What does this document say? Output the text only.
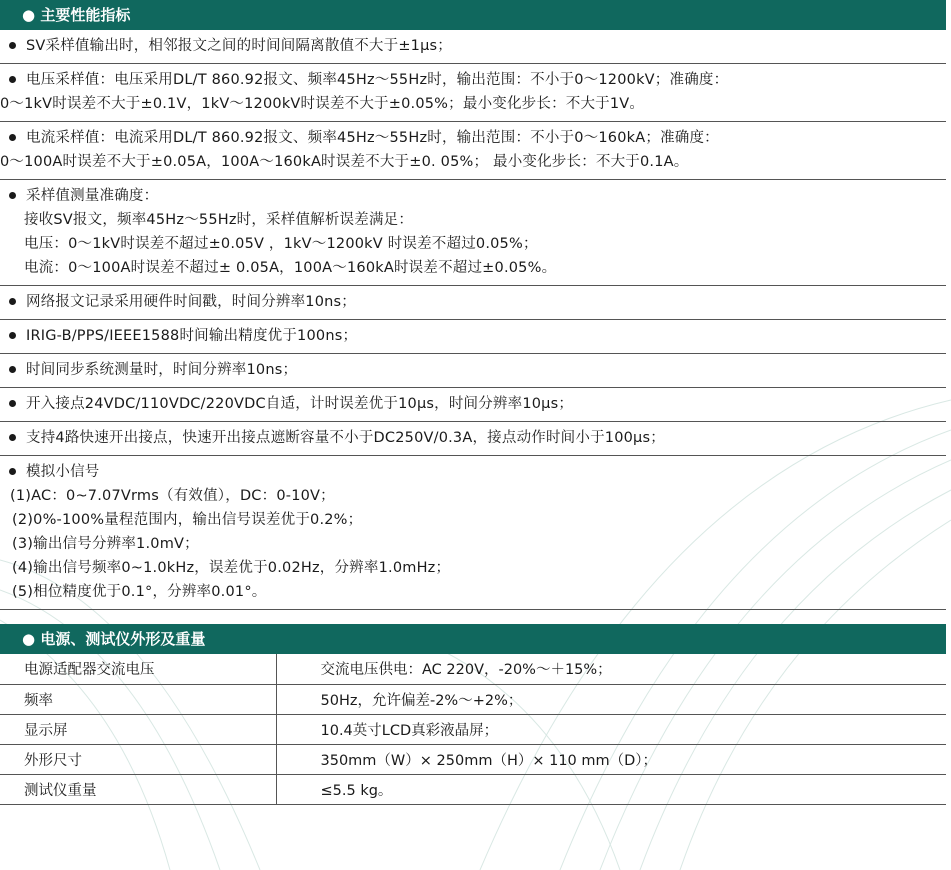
● 主要性能指标
SV采样值输出时，相邻报文之间的时间间隔离散值不大于±1μs；
电压采样值：电压采用DL/T 860.92报文、频率45Hz～55Hz时，输出范围：不小于0～1200kV；准确度：
0～1kV时误差不大于±0.1V，1kV～1200kV时误差不大于±0.05%；最小变化步长：不大于1V。
电流采样值：电流采用DL/T 860.92报文、频率45Hz～55Hz时，输出范围：不小于0～160kA；准确度：
0～100A时误差不大于±0.05A，100A～160kA时误差不大于±0. 05%； 最小变化步长：不大于0.1A。
采样值测量准确度：
接收SV报文，频率45Hz～55Hz时，采样值解析误差满足：
电压：0～1kV时误差不超过±0.05V ，1kV～1200kV 时误差不超过0.05%；
电流：0～100A时误差不超过± 0.05A，100A～160kA时误差不超过±0.05%。
网络报文记录采用硬件时间戳，时间分辨率10ns；
IRIG-B/PPS/IEEE1588时间输出精度优于100ns；
时间同步系统测量时，时间分辨率10ns；
开入接点24VDC/110VDC/220VDC自适，计时误差优于10μs，时间分辨率10μs；
支持4路快速开出接点，快速开出接点遮断容量不小于DC250V/0.3A，接点动作时间小于100μs；
模拟小信号
(1)AC：0~7.07Vrms（有效值），DC：0-10V；
(2)0%-100%量程范围内，输出信号误差优于0.2%；
(3)输出信号分辨率1.0mV；
(4)输出信号频率0~1.0kHz，误差优于0.02Hz，分辨率1.0mHz；
(5)相位精度优于0.1°，分辨率0.01°。
● 电源、测试仪外形及重量
电源适配器交流电压	交流电压供电：AC 220V，-20%～＋15%；
频率	50Hz，允许偏差-2%～+2%；
显示屏	10.4英寸LCD真彩液晶屏；
外形尺寸	350mm（W）× 250mm（H）× 110 mm（D）；
测试仪重量	≤5.5 kg。
